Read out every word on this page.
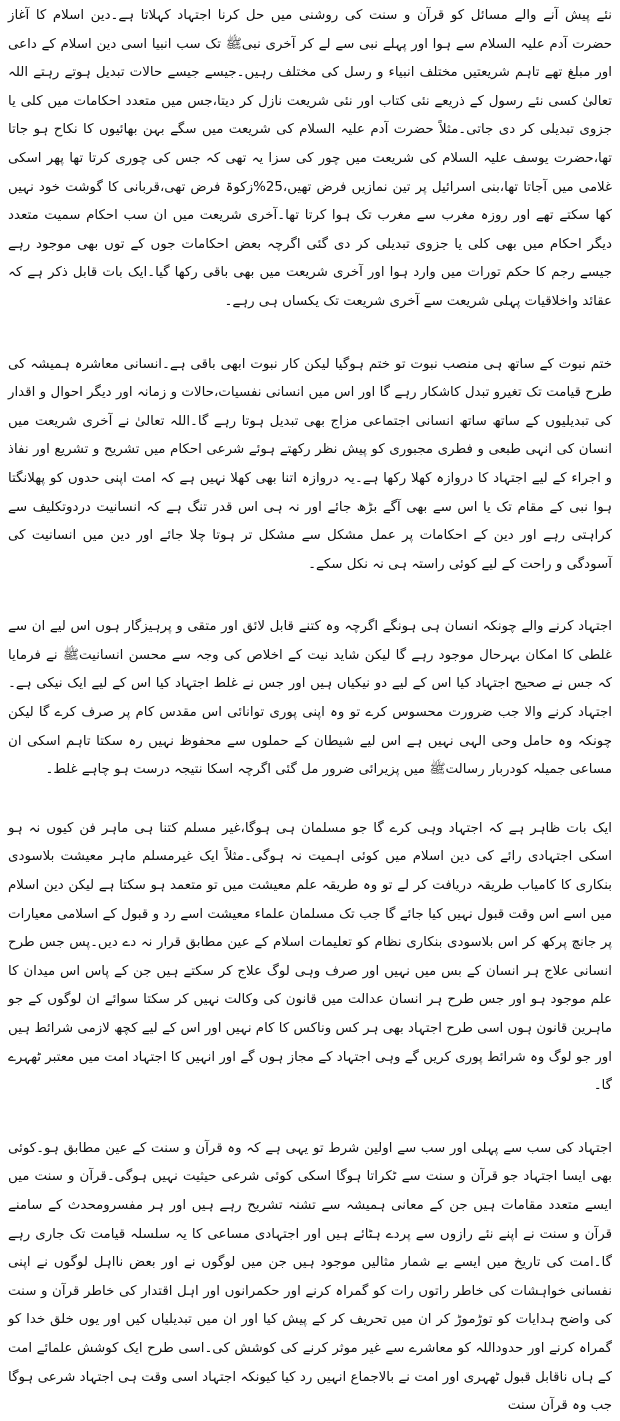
نئے پیش آنے والے مسائل کو قرآن و سنت کی روشنی میں حل کرنا اجتہاد کہلاتا ہے۔دین اسلام کا آغاز حضرت آدم علیہ السلام سے ہوا اور پہلے نبی سے لے کر آخری نبیﷺ تک سب انبیا اسی دین اسلام کے داعی اور مبلغ تھے تاہم شریعتیں مختلف انبیاء و رسل کی مختلف رہیں۔جیسے جیسے حالات تبدیل ہوتے رہتے اللہ تعالیٰ کسی نئے رسول کے ذریعے نئی کتاب اور نئی شریعت نازل کر دیتا،جس میں متعدد احکامات میں کلی یا جزوی تبدیلی کر دی جاتی۔مثلاً حضرت آدم علیہ السلام کی شریعت میں سگے بہن بھائیوں کا نکاح ہو جاتا تھا،حضرت یوسف علیہ السلام کی شریعت میں چور کی سزا یہ تھی کہ جس کی چوری کرتا تھا پھر اسکی غلامی میں آجاتا تھا،بنی اسرائیل پر تین نمازیں فرض تھیں،25%زکوۃ فرض تھی،قربانی کا گوشت خود نہیں کھا سکتے تھے اور روزہ مغرب سے مغرب تک ہوا کرتا تھا۔آخری شریعت میں ان سب احکام سمیت متعدد دیگر احکام میں بھی کلی یا جزوی تبدیلی کر دی گئی اگرچہ بعض احکامات جوں کے توں بھی موجود رہے جیسے رجم کا حکم تورات میں وارد ہوا اور آخری شریعت میں بھی باقی رکھا گیا۔ایک بات قابل ذکر ہے کہ عقائد واخلاقیات پہلی شریعت سے آخری شریعت تک یکساں ہی رہے۔

ختم نبوت کے ساتھ ہی منصب نبوت تو ختم ہوگیا لیکن کار نبوت ابھی باقی ہے۔انسانی معاشرہ ہمیشہ کی طرح قیامت تک تغیرو تبدل کاشکار رہے گا اور اس میں انسانی نفسیات،حالات و زمانہ اور دیگر احوال و اقدار کی تبدیلیوں کے ساتھ ساتھ انسانی اجتماعی مزاج بھی تبدیل ہوتا رہے گا۔اللہ تعالیٰ نے آخری شریعت میں انسان کی انہی طبعی و فطری مجبوری کو پیش نظر رکھتے ہوئے شرعی احکام میں تشریح و تشریع اور نفاذ و اجراء کے لیے اجتہاد کا دروازہ کھلا رکھا ہے۔یہ دروازہ اتنا بھی کھلا نہیں ہے کہ امت اپنی حدوں کو پھلانگتا ہوا نبی کے مقام تک یا اس سے بھی آگے بڑھ جائے اور نہ ہی اس قدر تنگ ہے کہ انسانیت دردوتکلیف سے کراہتی رہے اور دین کے احکامات پر عمل مشکل سے مشکل تر ہوتا چلا جائے اور دین میں انسانیت کی آسودگی و راحت کے لیے کوئی راستہ ہی نہ نکل سکے۔

اجتہاد کرنے والے چونکہ انسان ہی ہونگے اگرچہ وہ کتنے قابل لائق اور متقی و پرہیزگار ہوں اس لیے ان سے غلطی کا امکان بہرحال موجود رہے گا لیکن شاید نیت کے اخلاص کی وجہ سے محسن انسانیتﷺ نے فرمایا کہ جس نے صحیح اجتہاد کیا اس کے لیے دو نیکیاں ہیں اور جس نے غلط اجتہاد کیا اس کے لیے ایک نیکی ہے۔اجتہاد کرنے والا جب ضرورت محسوس کرے تو وہ اپنی پوری توانائی اس مقدس کام پر صرف کرے گا لیکن چونکہ وہ حامل وحی الہی نہیں ہے اس لیے شیطان کے حملوں سے محفوظ نہیں رہ سکتا تاہم اسکی ان مساعی جمیلہ کودربار رسالتﷺ میں پزیرائی ضرور مل گئی اگرچہ اسکا نتیجہ درست ہو چاہے غلط۔

ایک بات ظاہر ہے کہ اجتہاد وہی کرے گا جو مسلمان ہی ہوگا،غیر مسلم کتنا ہی ماہر فن کیوں نہ ہو اسکی اجتہادی رائے کی دین اسلام میں کوئی اہمیت نہ ہوگی۔مثلاً ایک غیرمسلم ماہر معیشت بلاسودی بنکاری کا کامیاب طریقہ دریافت کر لے تو وہ طریقہ علم معیشت میں تو متعمد ہو سکتا ہے لیکن دین اسلام میں اسے اس وقت قبول نہیں کیا جائے گا جب تک مسلمان علماء معیشت اسے رد و قبول کے اسلامی معیارات پر جانچ پرکھ کر اس بلاسودی بنکاری نظام کو تعلیمات اسلام کے عین مطابق قرار نہ دے دیں۔پس جس طرح انسانی علاج ہر انسان کے بس میں نہیں اور صرف وہی لوگ علاج کر سکتے ہیں جن کے پاس اس میدان کا علم موجود ہو اور جس طرح ہر انسان عدالت میں قانون کی وکالت نہیں کر سکتا سوائے ان لوگوں کے جو ماہرین قانون ہوں اسی طرح اجتہاد بھی ہر کس وناکس کا کام نہیں اور اس کے لیے کچھ لازمی شرائط ہیں اور جو لوگ وہ شرائط پوری کریں گے وہی اجتہاد کے مجاز ہوں گے اور انہیں کا اجتہاد امت میں معتبر ٹھہرے گا۔

اجتہاد کی سب سے پہلی اور سب سے اولین شرط تو یہی ہے کہ وہ قرآن و سنت کے عین مطابق ہو۔کوئی بھی ایسا اجتہاد جو قرآن و سنت سے ٹکراتا ہوگا اسکی کوئی شرعی حیثیت نہیں ہوگی۔قرآن و سنت میں ایسے متعدد مقامات ہیں جن کے معانی ہمیشہ سے تشنہ تشریح رہے ہیں اور ہر مفسرومحدث کے سامنے قرآن و سنت نے اپنے نئے رازوں سے پردے ہٹائے ہیں اور اجتہادی مساعی کا یہ سلسلہ قیامت تک جاری رہے گا۔امت کی تاریخ میں ایسے بے شمار مثالیں موجود ہیں جن میں لوگوں نے اور بعض نااہل لوگوں نے اپنی نفسانی خواہشات کی خاطر راتوں رات کو گمراہ کرنے اور حکمرانوں اور اہل اقتدار کی خاطر قرآن و سنت کی واضح ہدایات کو توڑموڑ کر ان میں تحریف کر کے پیش کیا اور ان میں تبدیلیاں کیں اور یوں خلق خدا کو گمراہ کرنے اور حدوداللہ کو معاشرے سے غیر موثر کرنے کی کوشش کی۔اسی طرح ایک کوشش علمائے امت کے ہاں ناقابل قبول ٹھہری اور امت نے بالاجماع انہیں رد کیا کیونکہ اجتہاد اسی وقت ہی اجتہاد شرعی ہوگا جب وہ قرآن سنت
